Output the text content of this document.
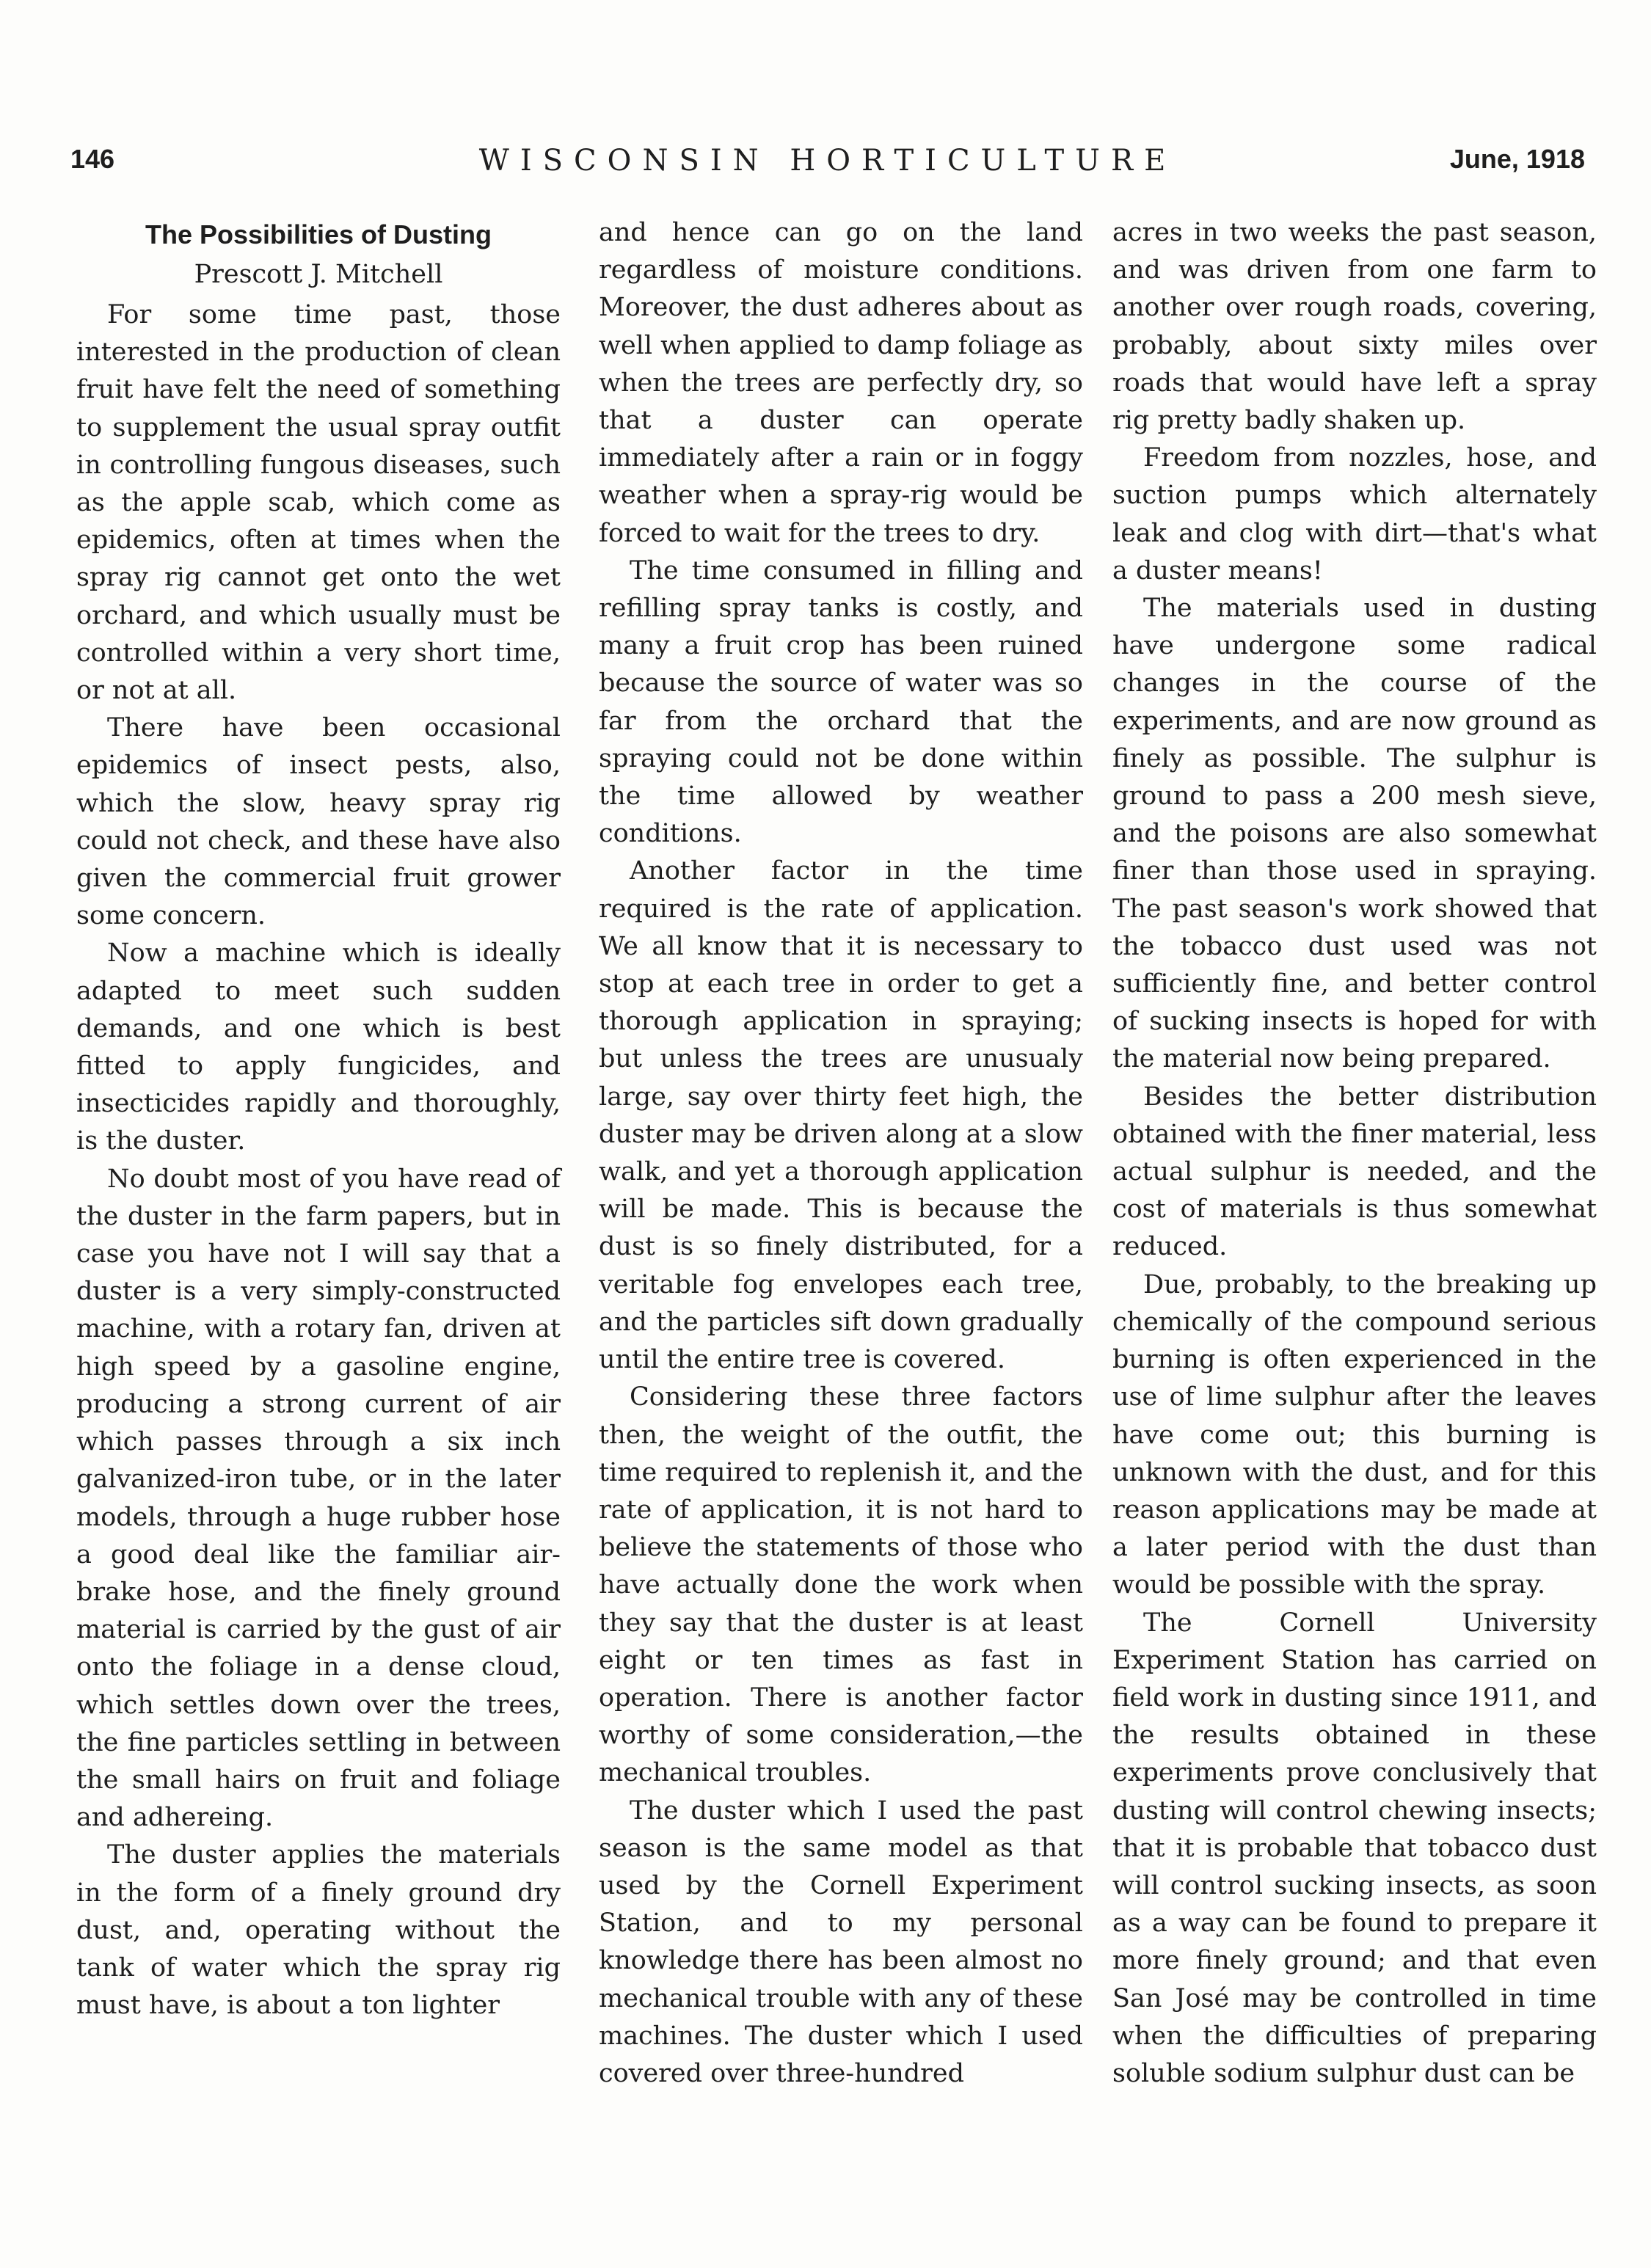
146	WISCONSIN HORTICULTURE	June, 1918
The Possibilities of Dusting
Prescott J. Mitchell

For some time past, those interested in the production of clean fruit have felt the need of something to supplement the usual spray outfit in controlling fungous diseases, such as the apple scab, which come as epidemics, often at times when the spray rig cannot get onto the wet orchard, and which usually must be controlled within a very short time, or not at all.

There have been occasional epidemics of insect pests, also, which the slow, heavy spray rig could not check, and these have also given the commercial fruit grower some concern.

Now a machine which is ideally adapted to meet such sudden demands, and one which is best fitted to apply fungicides, and insecticides rapidly and thoroughly, is the duster.

No doubt most of you have read of the duster in the farm papers, but in case you have not I will say that a duster is a very simply-constructed machine, with a rotary fan, driven at high speed by a gasoline engine, producing a strong current of air which passes through a six inch galvanized-iron tube, or in the later models, through a huge rubber hose a good deal like the familiar air-brake hose, and the finely ground material is carried by the gust of air onto the foliage in a dense cloud, which settles down over the trees, the fine particles settling in between the small hairs on fruit and foliage and adhereing.

The duster applies the materials in the form of a finely ground dry dust, and, operating without the tank of water which the spray rig must have, is about a ton lighter

and hence can go on the land regardless of moisture conditions. Moreover, the dust adheres about as well when applied to damp foliage as when the trees are perfectly dry, so that a duster can operate immediately after a rain or in foggy weather when a spray-rig would be forced to wait for the trees to dry.

The time consumed in filling and refilling spray tanks is costly, and many a fruit crop has been ruined because the source of water was so far from the orchard that the spraying could not be done within the time allowed by weather conditions.

Another factor in the time required is the rate of application. We all know that it is necessary to stop at each tree in order to get a thorough application in spraying; but unless the trees are unusualy large, say over thirty feet high, the duster may be driven along at a slow walk, and yet a thorough application will be made. This is because the dust is so finely distributed, for a veritable fog envelopes each tree, and the particles sift down gradually until the entire tree is covered.

Considering these three factors then, the weight of the outfit, the time required to replenish it, and the rate of application, it is not hard to believe the statements of those who have actually done the work when they say that the duster is at least eight or ten times as fast in operation. There is another factor worthy of some consideration,—the mechanical troubles.

The duster which I used the past season is the same model as that used by the Cornell Experiment Station, and to my personal knowledge there has been almost no mechanical trouble with any of these machines. The duster which I used covered over three-hundred

acres in two weeks the past season, and was driven from one farm to another over rough roads, covering, probably, about sixty miles over roads that would have left a spray rig pretty badly shaken up.

Freedom from nozzles, hose, and suction pumps which alternately leak and clog with dirt—that's what a duster means!

The materials used in dusting have undergone some radical changes in the course of the experiments, and are now ground as finely as possible. The sulphur is ground to pass a 200 mesh sieve, and the poisons are also somewhat finer than those used in spraying. The past season's work showed that the tobacco dust used was not sufficiently fine, and better control of sucking insects is hoped for with the material now being prepared.

Besides the better distribution obtained with the finer material, less actual sulphur is needed, and the cost of materials is thus somewhat reduced.

Due, probably, to the breaking up chemically of the compound serious burning is often experienced in the use of lime sulphur after the leaves have come out; this burning is unknown with the dust, and for this reason applications may be made at a later period with the dust than would be possible with the spray.

The Cornell University Experiment Station has carried on field work in dusting since 1911, and the results obtained in these experiments prove conclusively that dusting will control chewing insects; that it is probable that tobacco dust will control sucking insects, as soon as a way can be found to prepare it more finely ground; and that even San José may be controlled in time when the difficulties of preparing soluble sodium sulphur dust can be
